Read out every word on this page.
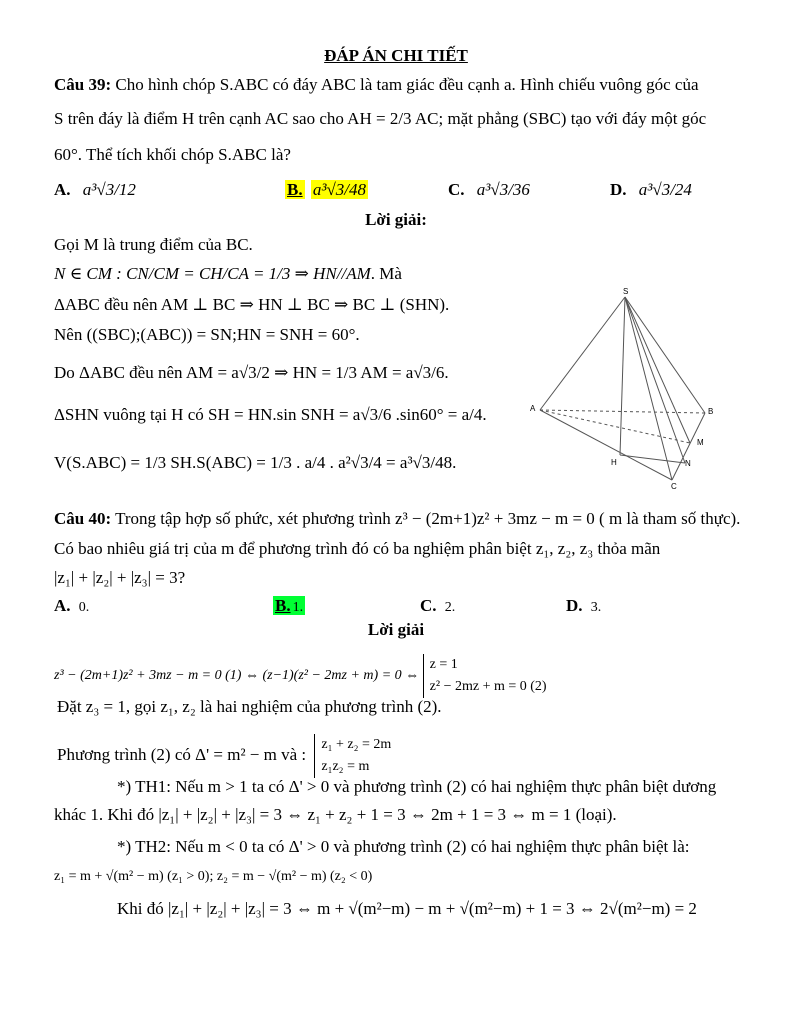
ĐÁP ÁN CHI TIẾT
Câu 39: Cho hình chóp S.ABC có đáy ABC là tam giác đều cạnh a. Hình chiếu vuông góc của
S trên đáy là điểm H trên cạnh AC sao cho AH = 2/3 AC; mặt phẳng (SBC) tạo với đáy một góc
60°. Thể tích khối chóp S.ABC là?
A. a³√3/12	B. a³√3/48	C. a³√3/36	D. a³√3/24
Lời giải:
Gọi M là trung điểm của BC.
N ∈ CM : CN/CM = CH/CA = 1/3 ⇒ HN//AM. Mà
ΔABC đều nên AM ⊥ BC ⇒ HN ⊥ BC ⇒ BC ⊥ (SHN).
Nên ((SBC);(ABC)) = SN;HN = SNH = 60°.
Do ΔABC đều nên AM = a√3/2 ⇒ HN = 1/3 AM = a√3/6.
ΔSHN vuông tại H có SH = HN.sin SNH = a√3/6 .sin60° = a/4.
V(S.ABC) = 1/3 SH.S(ABC) = 1/3 . a/4 . a²√3/4 = a³√3/48.
S
A	B
M
H	N
C
Câu 40: Trong tập hợp số phức, xét phương trình z³ − (2m+1)z² + 3mz − m = 0 ( m là tham số thực).
Có bao nhiêu giá trị của m để phương trình đó có ba nghiệm phân biệt z₁, z₂, z₃ thỏa mãn
|z₁| + |z₂| + |z₃| = 3?
A. 0.	B. 1.	C. 2.	D. 3.
Lời giải
z³ − (2m+1)z² + 3mz − m = 0 (1) ⇔ (z−1)(z² − 2mz + m) = 0 ⇔
z = 1
z² − 2mz + m = 0 (2)
Đặt z₃ = 1, gọi z₁, z₂ là hai nghiệm của phương trình (2).
Phương trình (2) có Δ' = m² − m và :
z₁ + z₂ = 2m
z₁z₂ = m
*) TH1: Nếu m > 1 ta có Δ' > 0 và phương trình (2) có hai nghiệm thực phân biệt dương
khác 1. Khi đó |z₁| + |z₂| + |z₃| = 3 ⇔ z₁ + z₂ + 1 = 3 ⇔ 2m + 1 = 3 ⇔ m = 1 (loại).
*) TH2: Nếu m < 0 ta có Δ' > 0 và phương trình (2) có hai nghiệm thực phân biệt là:
z₁ = m + √(m² − m) (z₁ > 0); z₂ = m − √(m² − m) (z₂ < 0)
Khi đó |z₁| + |z₂| + |z₃| = 3 ⇔ m + √(m²−m) − m + √(m²−m) + 1 = 3 ⇔ 2√(m²−m) = 2
